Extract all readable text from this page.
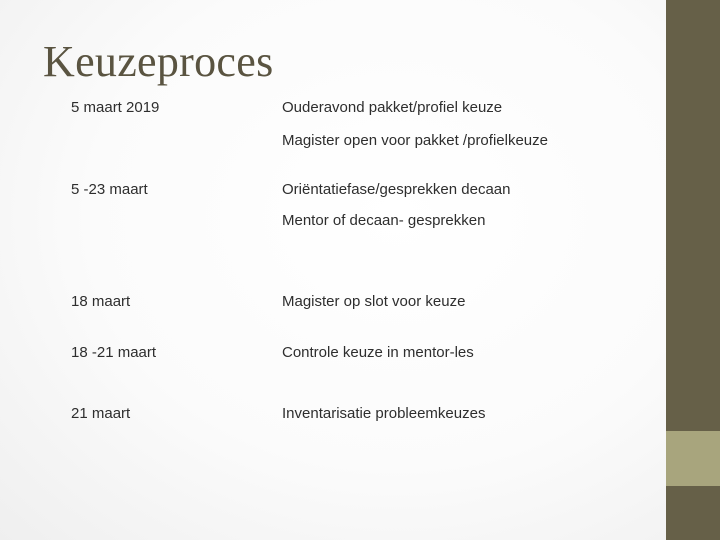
Keuzeproces
5 maart 2019	Ouderavond pakket/profiel keuze
Magister open voor pakket /profielkeuze
5 -23 maart	Oriëntatiefase/gesprekken decaan
Mentor of decaan- gesprekken
18 maart	Magister op slot voor keuze
18 -21 maart	Controle keuze in mentor-les
21 maart	Inventarisatie probleemkeuzes
